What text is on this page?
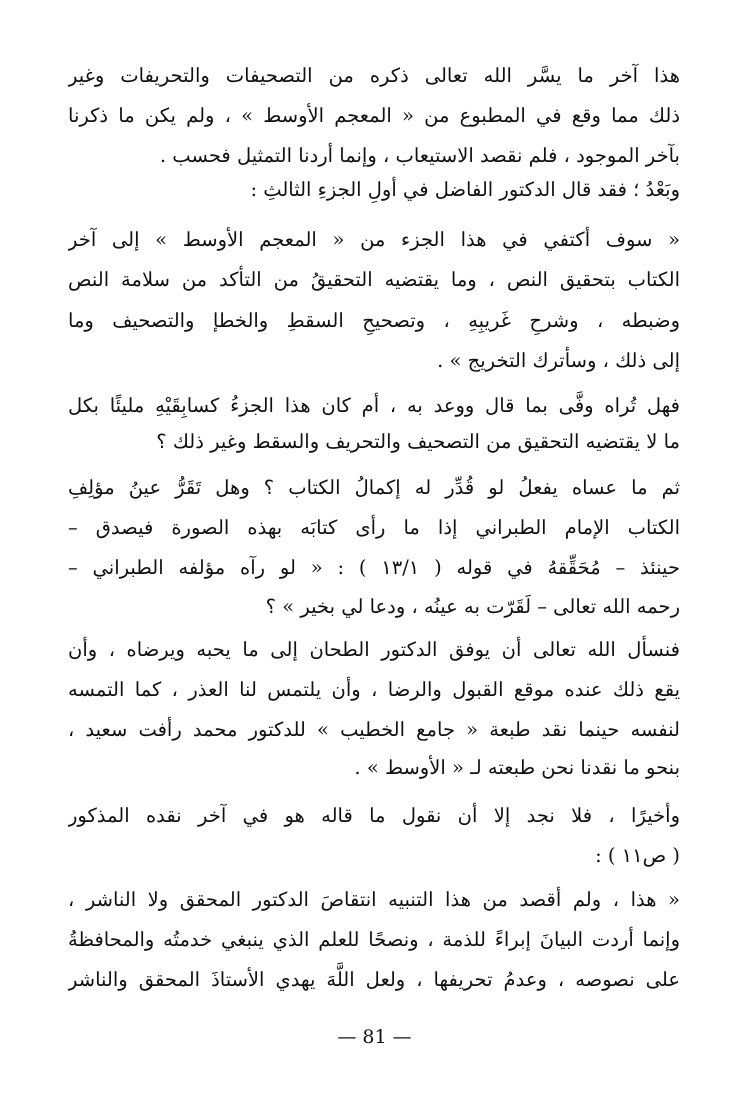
هذا آخر ما يسَّر الله تعالى ذكره من التصحيفات والتحريفات وغير
ذلك مما وقع في المطبوع من « المعجم الأوسط » ، ولم يكن ما ذكرنا
بآخر الموجود ، فلم نقصد الاستيعاب ، وإنما أردنا التمثيل فحسب .
وبَعْدُ ؛ فقد قال الدكتور الفاضل في أولِ الجزءِ الثالثِ :
« سوف أكتفي في هذا الجزء من « المعجم الأوسط » إلى آخر
الكتاب بتحقيق النص ، وما يقتضيه التحقيقُ من التأكد من سلامة النص
وضبطه ، وشرحِ غَريبِهِ ، وتصحيحِ السقطِ والخطإ والتصحيف وما
إلى ذلك ، وسأترك التخريج » .
فهل تُراه وفَّى بما قال ووعد به ، أم كان هذا الجزءُ كسابِقَيْهِ مليئًا بكل
ما لا يقتضيه التحقيق من التصحيف والتحريف والسقط وغير ذلك ؟
ثم ما عساه يفعلُ لو قُدِّر له إكمالُ الكتاب ؟ وهل تَقَرُّ عينُ مؤلِفِ
الكتاب الإمام الطبراني إذا ما رأى كتابَه بهذه الصورة فيصدق –
حينئذ – مُحَقِّقهُ في قوله ( ١٣/١ ) : « لو رآه مؤلفه الطبراني –
رحمه الله تعالى – لَقَرّت به عينُه ، ودعا لي بخير » ؟
فنسأل الله تعالى أن يوفق الدكتور الطحان إلى ما يحبه ويرضاه ، وأن
يقع ذلك عنده موقع القبول والرضا ، وأن يلتمس لنا العذر ، كما التمسه
لنفسه حينما نقد طبعة « جامع الخطيب » للدكتور محمد رأفت سعيد ،
بنحو ما نقدنا نحن طبعته لـ « الأوسط » .
وأخيرًا ، فلا نجد إلا أن نقول ما قاله هو في آخر نقده المذكور
( ص١١ ) :
« هذا ، ولم أقصد من هذا التنبيه انتقاصَ الدكتور المحقق ولا الناشر ،
وإنما أردت البيانَ إبراءً للذمة ، ونصحًا للعلم الذي ينبغي خدمتُه والمحافظةُ
على نصوصه ، وعدمُ تحريفها ، ولعل اللَّهَ يهدي الأستاذَ المحقق والناشر
— 81 —
